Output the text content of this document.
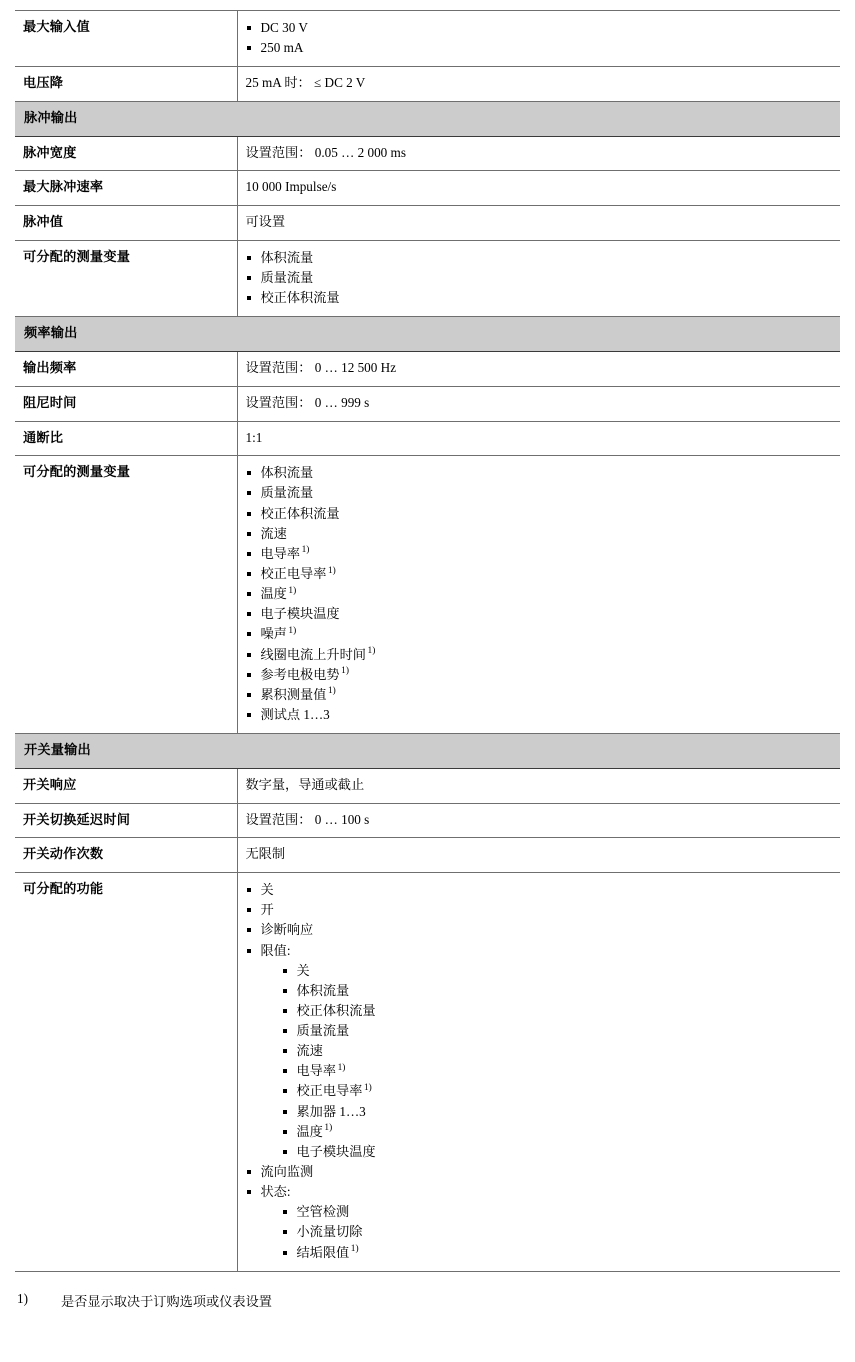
最大输入值	DC 30 V
250 mA

电压降	25 mA 时： ≤ DC 2 V
脉冲输出	
脉冲宽度	设置范围： 0.05 … 2 000 ms
最大脉冲速率	10 000 Impulse/s
脉冲值	可设置
可分配的测量变量	体积流量
质量流量
校正体积流量

频率输出	
输出频率	设置范围： 0 … 12 500 Hz
阻尼时间	设置范围： 0 … 999 s
通断比	1:1
可分配的测量变量	体积流量
质量流量
校正体积流量
流速
电导率 $^{1)}$
校正电导率 $^{1)}$
温度 $^{1)}$
电子模块温度
噪声 $^{1)}$
线圈电流上升时间 $^{1)}$
参考电极电势 $^{1)}$
累积测量值 $^{1)}$
测试点 1…3

开关量输出	
开关响应	数字量，导通或截止
开关切换延迟时间	设置范围： 0 … 100 s
开关动作次数	无限制
可分配的功能	关
开
诊断响应
限值:
关
体积流量
校正体积流量
质量流量
流速
电导率 $^{1)}$
校正电导率 $^{1)}$
累加器 1…3
温度 $^{1)}$
电子模块温度
流向监测
状态:
空管检测
小流量切除
结垢限值 $^{1)}$
1)	是否显示取决于订购选项或仪表设置
